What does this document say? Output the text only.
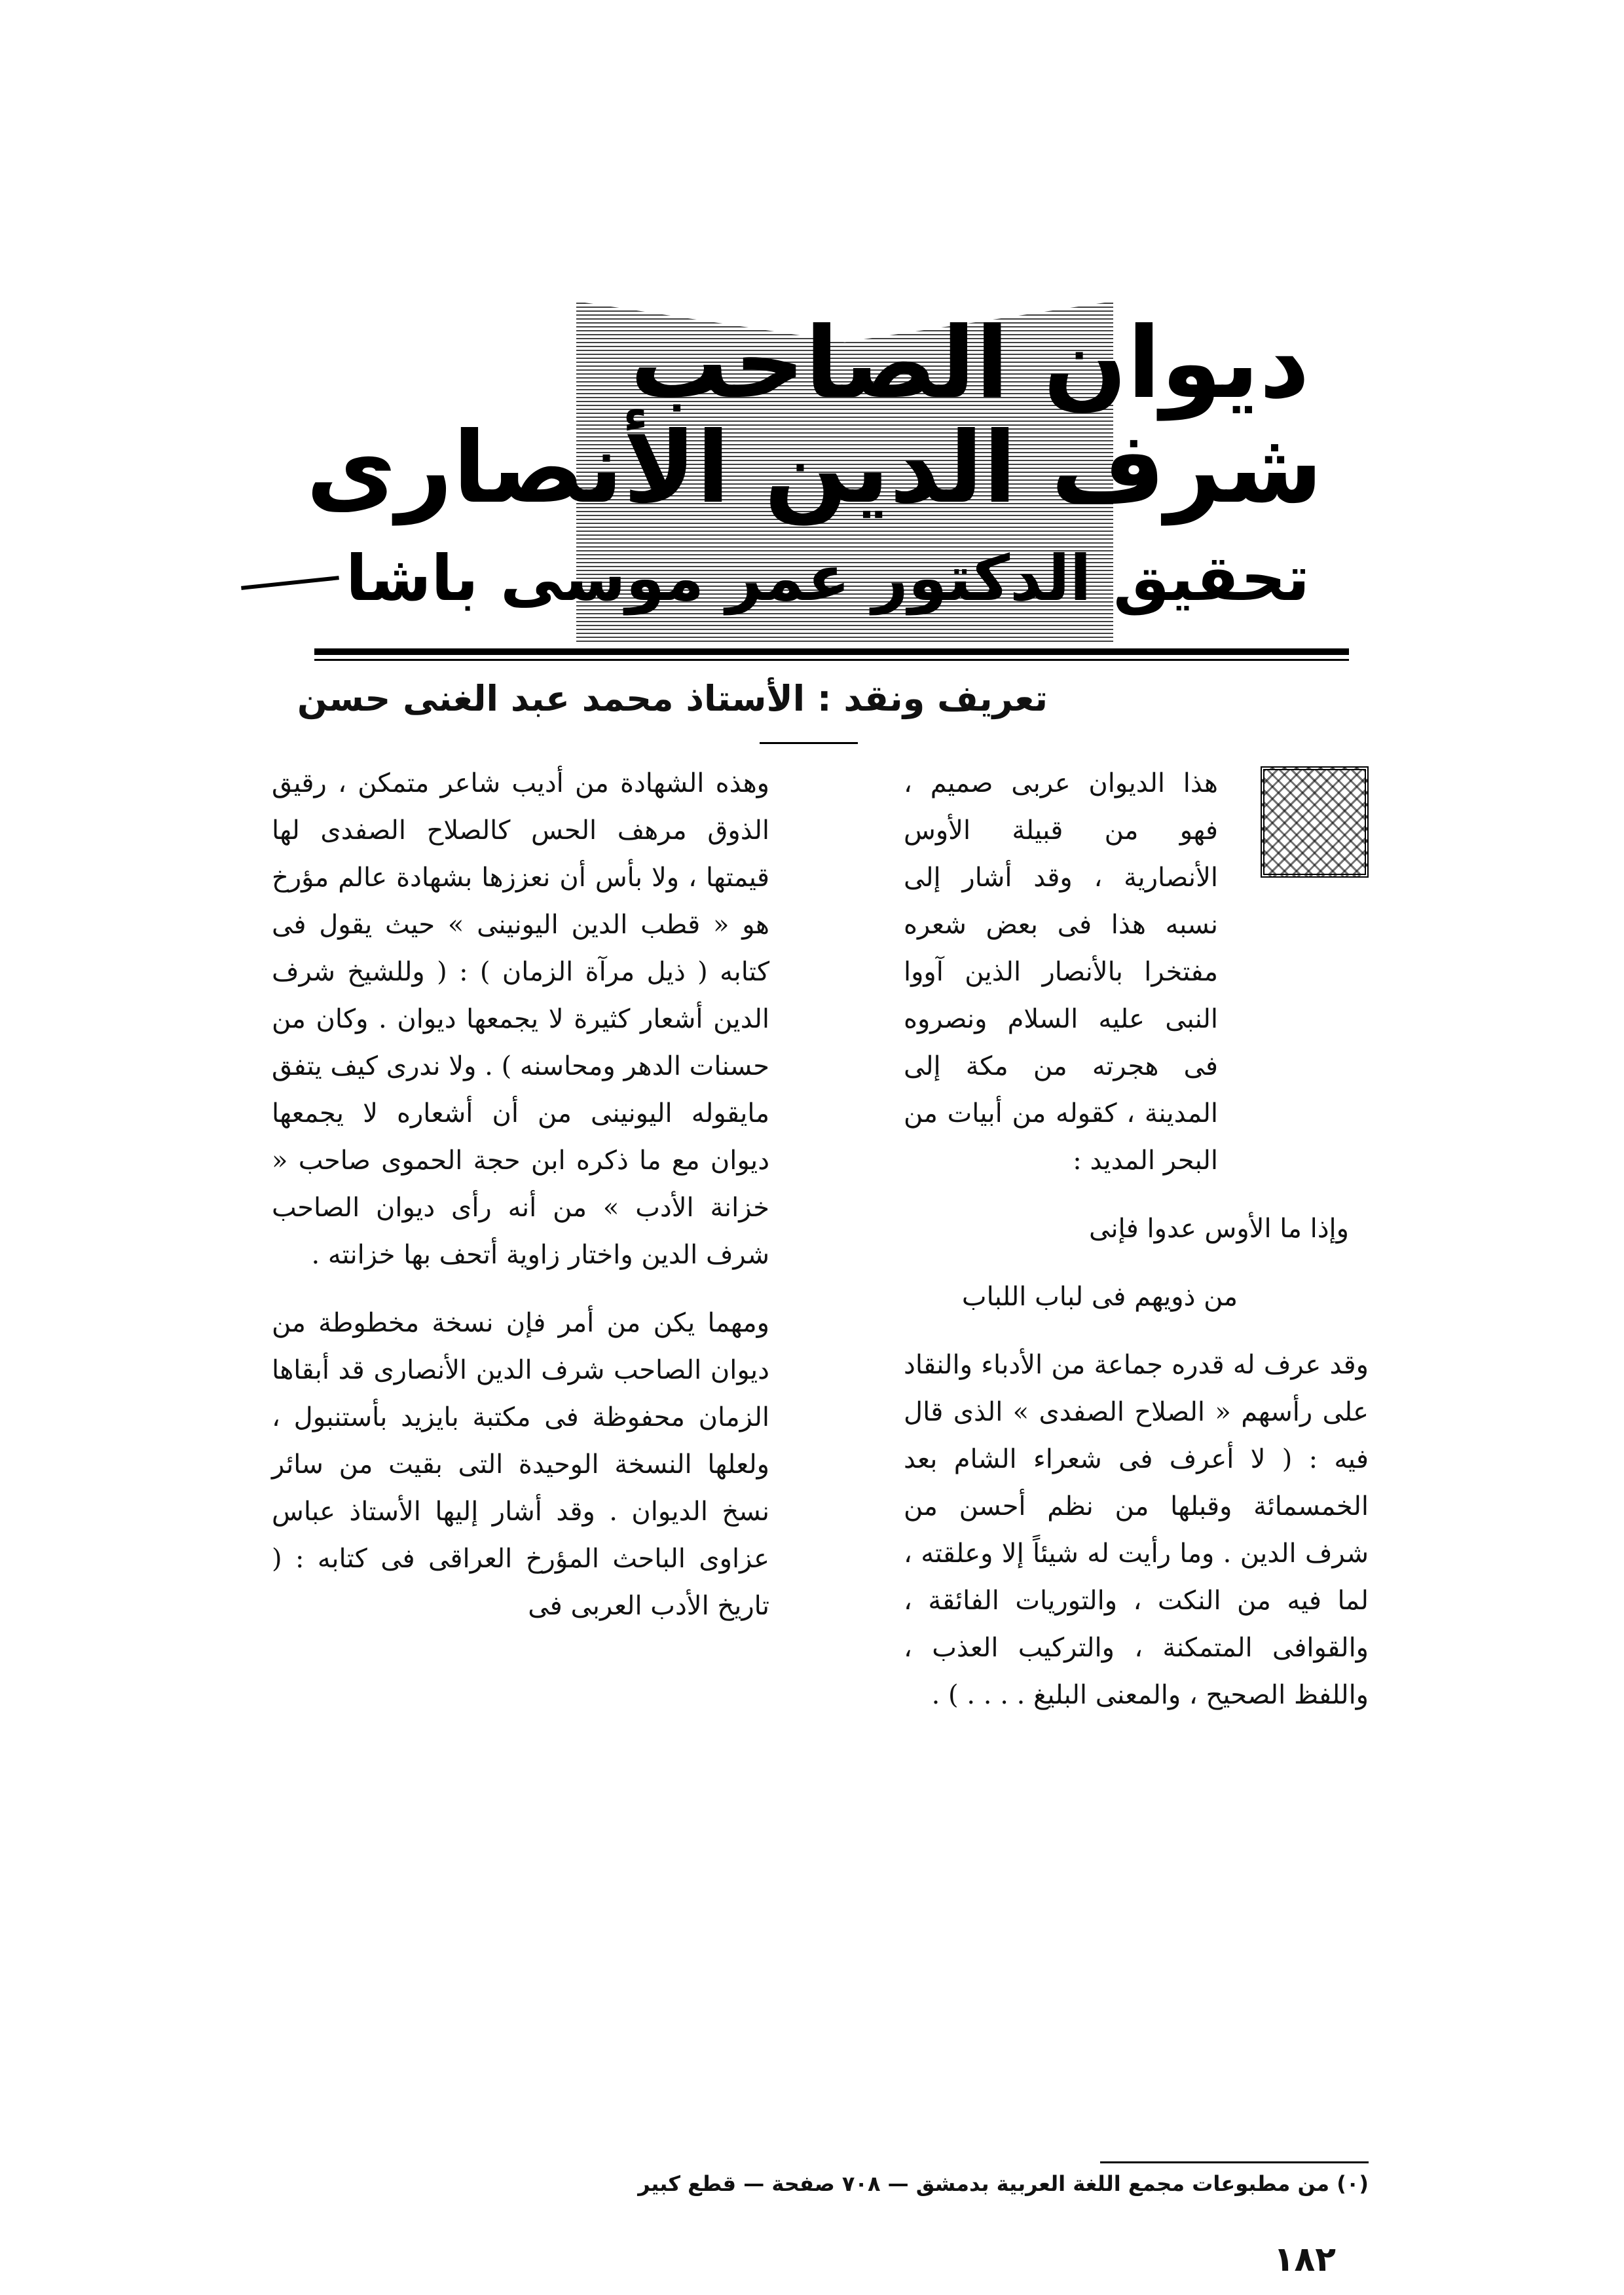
ديوان الصاحب
شرف الدين الأنصارى
تحقيق الدكتور عمر موسى باشا
تعريف ونقد : الأستاذ محمد عبد الغنى حسن

هذا الديوان عربى صميم ، فهو من قبيلة الأوس الأنصارية ، وقد أشار إلى نسبه هذا فى بعض شعره مفتخرا بالأنصار الذين آووا النبى عليه السلام ونصروه فى هجرته من مكة إلى المدينة ، كقوله من أبيات من البحر المديد :

وإذا ما الأوس عدوا فإنى

من ذويهم فى لباب اللباب

وقد عرف له قدره جماعة من الأدباء والنقاد على رأسهم « الصلاح الصفدى » الذى قال فيه : ( لا أعرف فى شعراء الشام بعد الخمسمائة وقبلها من نظم أحسن من شرف الدين . وما رأيت له شيئاً إلا وعلقته ، لما فيه من النكت ، والتوريات الفائقة ، والقوافى المتمكنة ، والتركيب العذب ، واللفظ الصحيح ، والمعنى البليغ . . . . ) .

وهذه الشهادة من أديب شاعر متمكن ، رقيق الذوق مرهف الحس كالصلاح الصفدى لها قيمتها ، ولا بأس أن نعززها بشهادة عالم مؤرخ هو « قطب الدين اليونينى » حيث يقول فى كتابه ( ذيل مرآة الزمان ) : ( وللشيخ شرف الدين أشعار كثيرة لا يجمعها ديوان . وكان من حسنات الدهر ومحاسنه ) . ولا ندرى كيف يتفق مايقوله اليونينى من أن أشعاره لا يجمعها ديوان مع ما ذكره ابن حجة الحموى صاحب « خزانة الأدب » من أنه رأى ديوان الصاحب شرف الدين واختار زاوية أتحف بها خزانته .

ومهما يكن من أمر فإن نسخة مخطوطة من ديوان الصاحب شرف الدين الأنصارى قد أبقاها الزمان محفوظة فى مكتبة بايزيد بأستنبول ، ولعلها النسخة الوحيدة التى بقيت من سائر نسخ الديوان . وقد أشار إليها الأستاذ عباس عزاوى الباحث المؤرخ العراقى فى كتابه : ( تاريخ الأدب العربى فى

(٠) من مطبوعات مجمع اللغة العربية بدمشق — ٧٠٨ صفحة — قطع كبير
١٨٢
